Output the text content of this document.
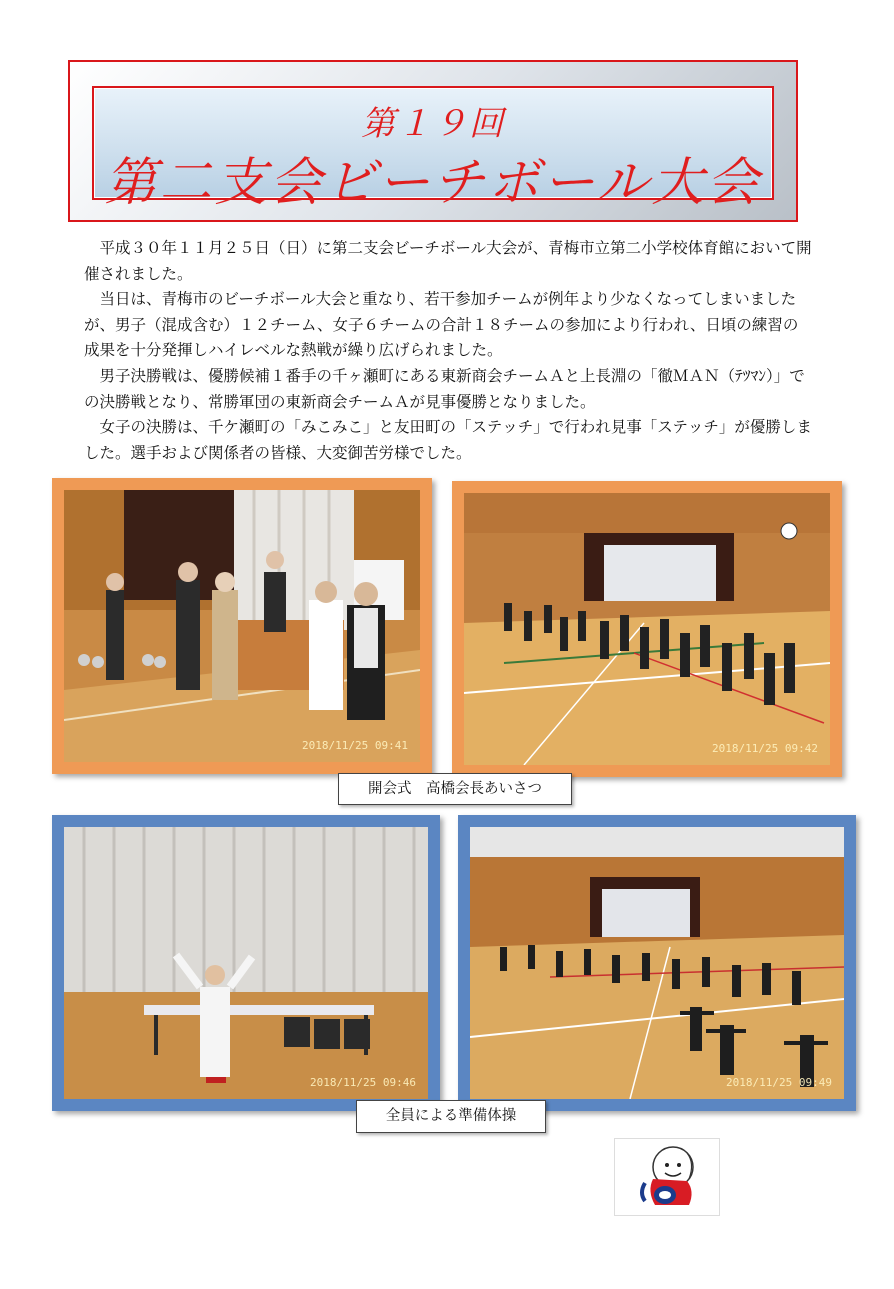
第１９回
第二支会ビーチボール大会

　平成３０年１１月２５日（日）に第二支会ビーチボール大会が、青梅市立第二小学校体育館において開催されました。

　当日は、青梅市のビーチボール大会と重なり、若干参加チームが例年より少なくなってしまいましたが、男子（混成含む）１２チーム、女子６チームの合計１８チームの参加により行われ、日頃の練習の成果を十分発揮しハイレベルな熱戦が繰り広げられました。

　男子決勝戦は、優勝候補１番手の千ヶ瀬町にある東新商会チームＡと上長淵の「徹ＭＡＮ（ﾃﾂﾏﾝ）」での決勝戦となり、常勝軍団の東新商会チームＡが見事優勝となりました。

　女子の決勝は、千ケ瀬町の「みこみこ」と友田町の「ステッチ」で行われ見事「ステッチ」が優勝しました。選手および関係者の皆様、大変御苦労様でした。

2018/11/25 09:41	2018/11/25 09:42
開会式　高橋会長あいさつ
2018/11/25 09:46	2018/11/25 09:49
全員による準備体操
